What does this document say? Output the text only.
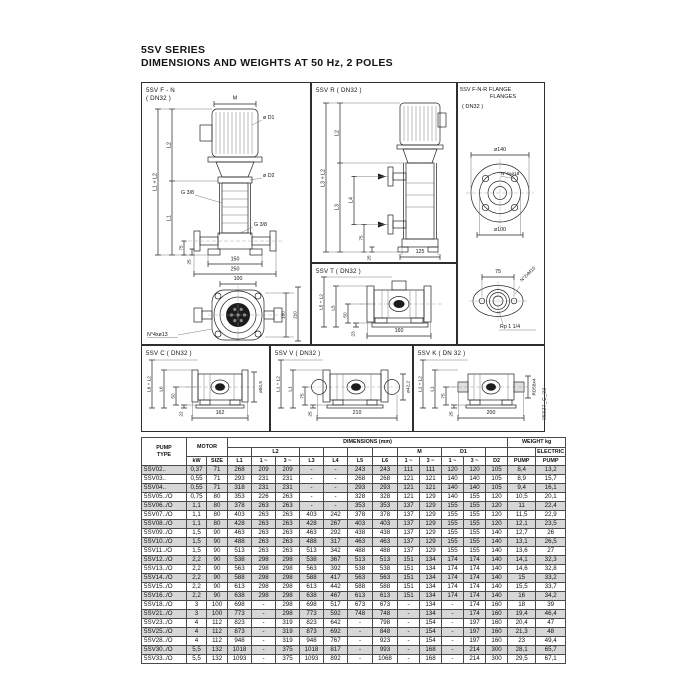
5SV SERIES
DIMENSIONS AND WEIGHTS AT 50 Hz, 2 POLES
5SV F - N
( DN32 )	M
ø D1
ø D2
G 3/8
G 3/8
L1 + L2
L2
L1
75
25	150
250
100
180 210
N°4xø13
5SV R ( DN32 )
L3 + L2
L2
L3
L4
75
25
125
5SV F-N-R FLANGE
FLANGES
( DN32 )
ø140
N°4xø18
ø100
75	N°2xM10
Rp 1 1/4
5SV T ( DN32 )
L5 + L2 L5
50
23	160
5SV C ( DN32 )
L6 + L2 L6
50
22	162
ø50,5
5SV V ( DN32 )
L1 + L2 L1
75
25	210
ø42,2
5SV K ( DN 32 )
L1 + L2 L1
75
25	200
RD58x4
05927_C_00
PUMP
TYPE	MOTOR		DIMENSIONS (mm)												WEIGHT kg	
				L2						M		D1				ELECTRIC
	kW	SIZE	L1	1 ~	3 ~	L3	L4	L5	L6	1 ~	3 ~	1 ~	3 ~	D2	PUMP	PUMP
5SV02..	0,37	71	268	209	209	-	-	243	243	111	111	120	120	105	8,4	13,2
5SV03..	0,55	71	293	231	231	-	-	268	268	121	121	140	140	105	8,9	15,7
5SV04..	0,55	71	318	231	231	-	-	293	293	121	121	140	140	105	9,4	16,1
5SV05../O	0,75	80	353	226	263	-	-	328	328	121	129	140	155	120	10,5	20,1
5SV06../O	1,1	80	378	263	263	-	-	353	353	137	129	155	155	120	11	22,4
5SV07../O	1,1	80	403	263	263	403	242	378	378	137	129	155	155	120	11,5	22,9
5SV08../O	1,1	80	428	263	263	428	267	403	403	137	129	155	155	120	12,1	23,5
5SV09../O	1,5	90	463	263	263	463	292	438	438	137	129	155	155	140	12,7	26
5SV10../O	1,5	90	488	263	263	488	317	463	463	137	129	155	155	140	13,1	26,5
5SV11../O	1,5	90	513	263	263	513	342	488	488	137	129	155	155	140	13,6	27
5SV12../O	2,2	90	538	298	298	538	367	513	513	151	134	174	174	140	14,1	32,3
5SV13../O	2,2	90	563	298	298	563	392	538	538	151	134	174	174	140	14,6	32,8
5SV14../O	2,2	90	588	298	298	588	417	563	563	151	134	174	174	140	15	33,2
5SV15../O	2,2	90	613	298	298	613	442	588	588	151	134	174	174	140	15,5	33,7
5SV16../O	2,2	90	638	298	298	638	467	613	613	151	134	174	174	140	16	34,2
5SV18../O	3	100	698	-	298	698	517	673	673	-	134	-	174	160	18	39
5SV21../O	3	100	773	-	298	773	592	748	748	-	134	-	174	160	19,4	46,4
5SV23../O	4	112	823	-	319	823	642	-	798	-	154	-	197	160	20,4	47
5SV25../O	4	112	873	-	319	873	692	-	848	-	154	-	197	160	21,3	48
5SV28../O	4	112	948	-	319	948	767	-	923	-	154	-	197	160	23	49,4
5SV30../O	5,5	132	1018	-	375	1018	817	-	993	-	168	-	214	300	28,1	65,7
5SV33../O	5,5	132	1093	-	375	1093	892	-	1068	-	168	-	214	300	29,5	67,1
